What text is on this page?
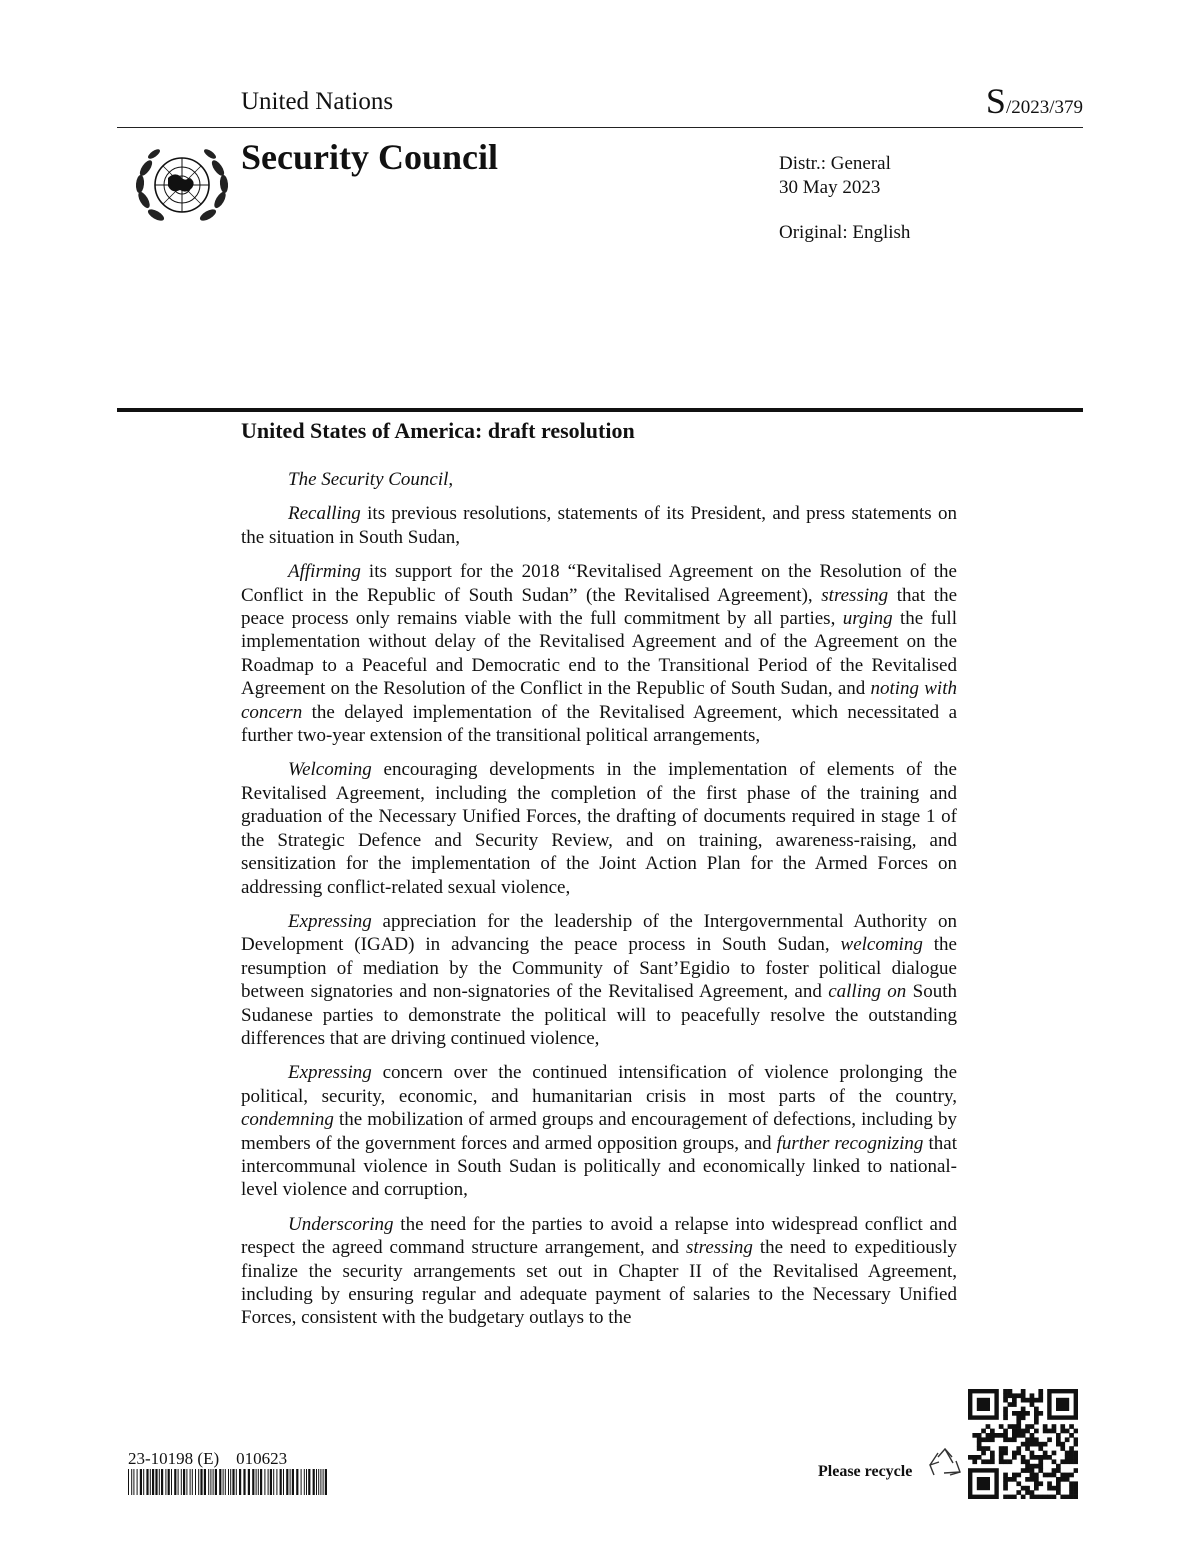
United Nations	S/2023/379
Security Council	Distr.: General
30 May 2023
Original: English
United States of America: draft resolution

The Security Council,

Recalling its previous resolutions, statements of its President, and press statements on the situation in South Sudan,

Affirming its support for the 2018 “Revitalised Agreement on the Resolution of the Conflict in the Republic of South Sudan” (the Revitalised Agreement), stressing that the peace process only remains viable with the full commitment by all parties, urging the full implementation without delay of the Revitalised Agreement and of the Agreement on the Roadmap to a Peaceful and Democratic end to the Transitional Period of the Revitalised Agreement on the Resolution of the Conflict in the Republic of South Sudan, and noting with concern the delayed implementation of the Revitalised Agreement, which necessitated a further two-year extension of the transitional political arrangements,

Welcoming encouraging developments in the implementation of elements of the Revitalised Agreement, including the completion of the first phase of the training and graduation of the Necessary Unified Forces, the drafting of documents required in stage 1 of the Strategic Defence and Security Review, and on training, awareness-raising, and sensitization for the implementation of the Joint Action Plan for the Armed Forces on addressing conflict-related sexual violence,

Expressing appreciation for the leadership of the Intergovernmental Authority on Development (IGAD) in advancing the peace process in South Sudan, welcoming the resumption of mediation by the Community of Sant’Egidio to foster political dialogue between signatories and non-signatories of the Revitalised Agreement, and calling on South Sudanese parties to demonstrate the political will to peacefully resolve the outstanding differences that are driving continued violence,

Expressing concern over the continued intensification of violence prolonging the political, security, economic, and humanitarian crisis in most parts of the country, condemning the mobilization of armed groups and encouragement of defections, including by members of the government forces and armed opposition groups, and further recognizing that intercommunal violence in South Sudan is politically and economically linked to national-level violence and corruption,

Underscoring the need for the parties to avoid a relapse into widespread conflict and respect the agreed command structure arrangement, and stressing the need to expeditiously finalize the security arrangements set out in Chapter II of the Revitalised Agreement, including by ensuring regular and adequate payment of salaries to the Necessary Unified Forces, consistent with the budgetary outlays to the

23-10198 (E)    010623
Please recycle
